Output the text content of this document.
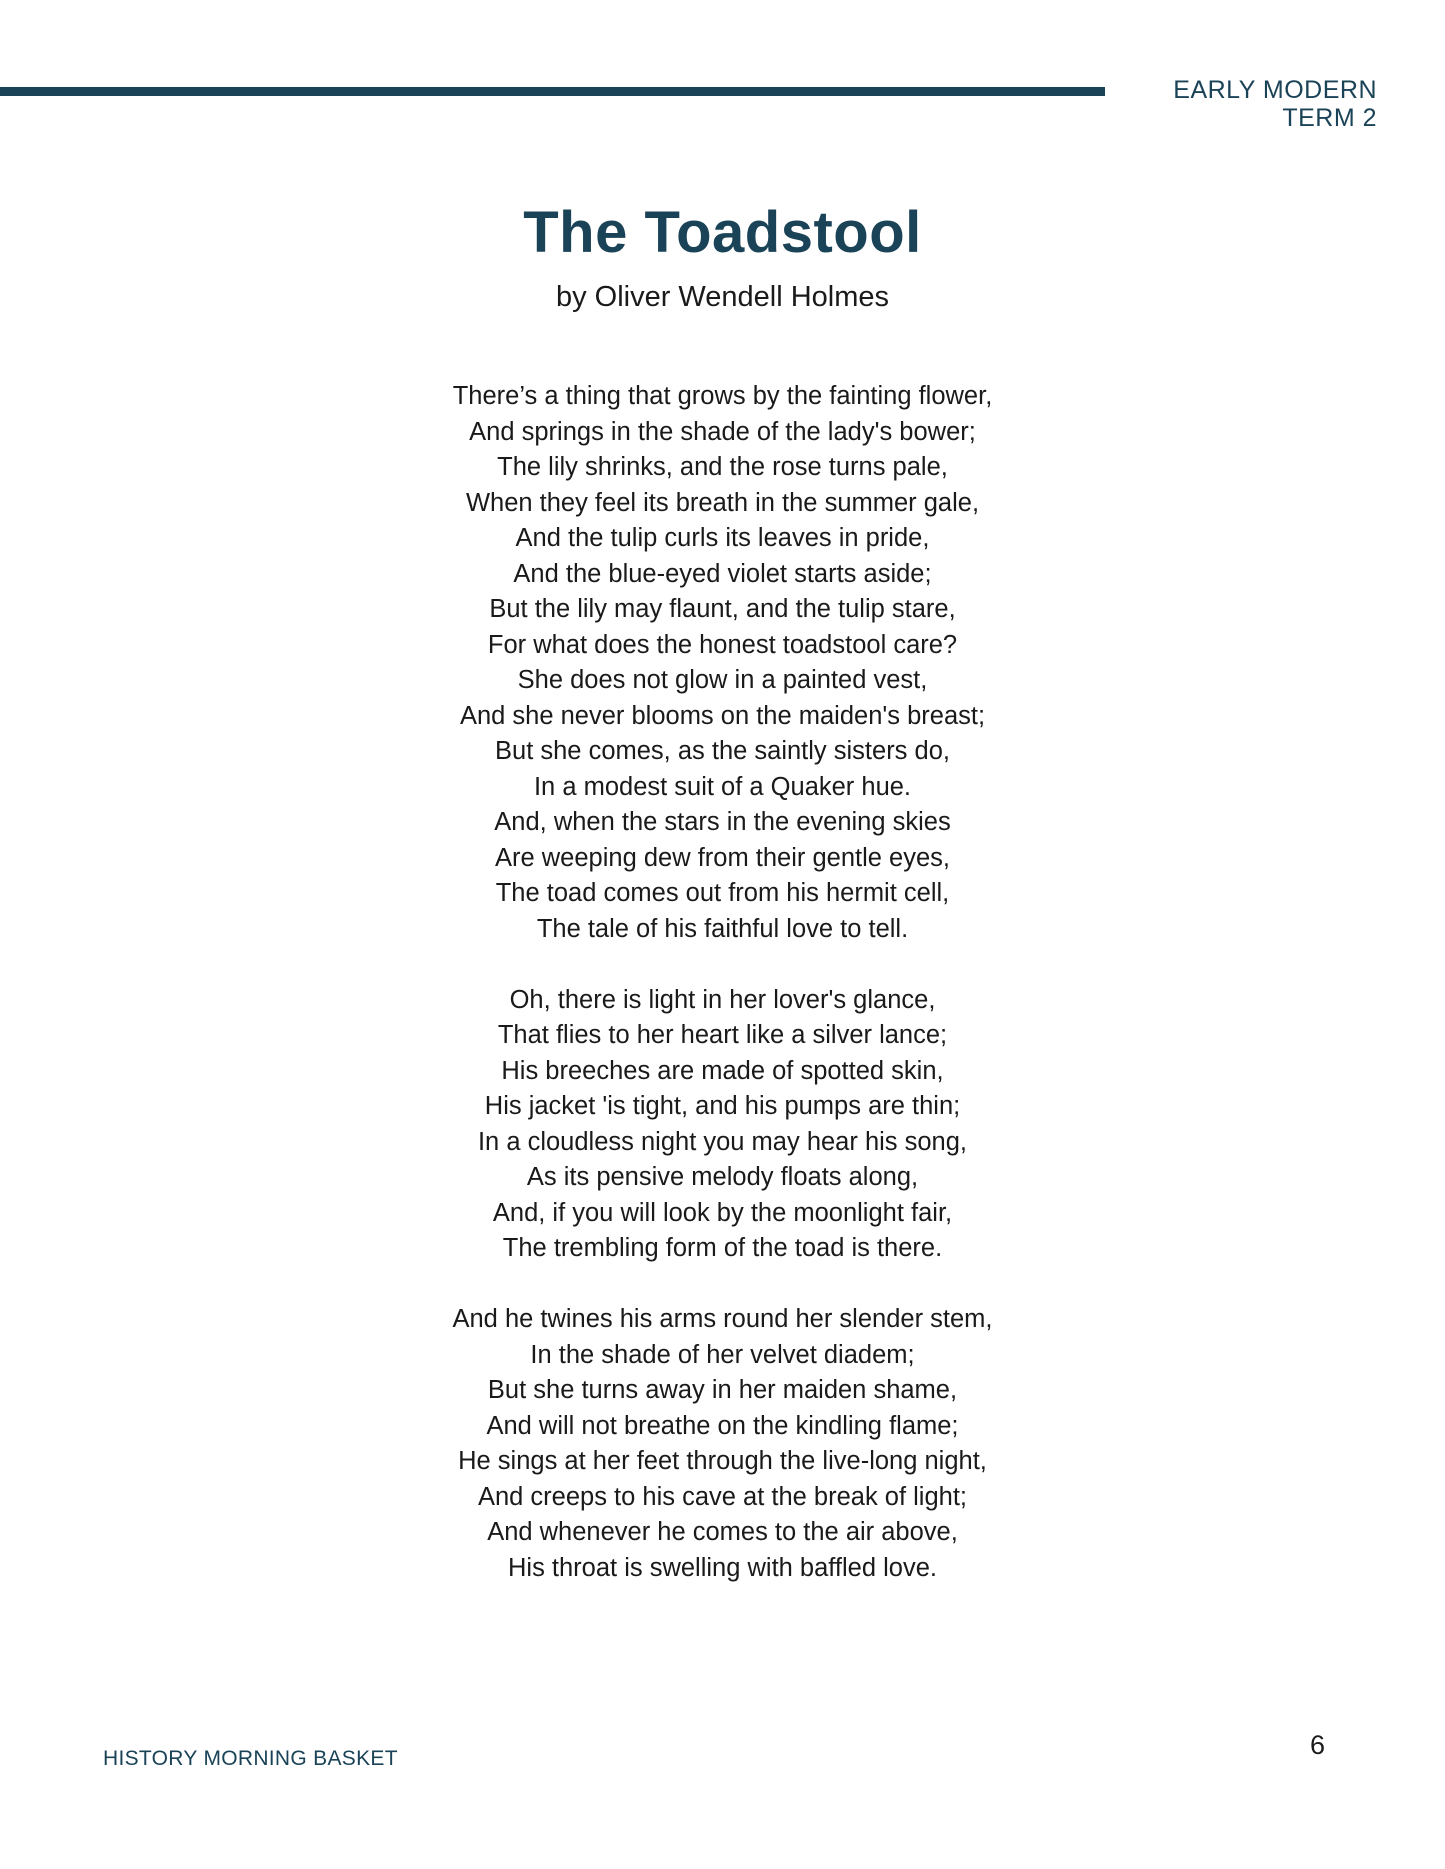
EARLY MODERN
TERM 2
The Toadstool

by Oliver Wendell Holmes

There’s a thing that grows by the fainting flower,
And springs in the shade of the lady's bower;
The lily shrinks, and the rose turns pale,
When they feel its breath in the summer gale,
And the tulip curls its leaves in pride,
And the blue-eyed violet starts aside;
But the lily may flaunt, and the tulip stare,
For what does the honest toadstool care?
She does not glow in a painted vest,
And she never blooms on the maiden's breast;
But she comes, as the saintly sisters do,
In a modest suit of a Quaker hue.
And, when the stars in the evening skies
Are weeping dew from their gentle eyes,
The toad comes out from his hermit cell,
The tale of his faithful love to tell.
Oh, there is light in her lover's glance,
That flies to her heart like a silver lance;
His breeches are made of spotted skin,
His jacket 'is tight, and his pumps are thin;
In a cloudless night you may hear his song,
As its pensive melody floats along,
And, if you will look by the moonlight fair,
The trembling form of the toad is there.
And he twines his arms round her slender stem,
In the shade of her velvet diadem;
But she turns away in her maiden shame,
And will not breathe on the kindling flame;
He sings at her feet through the live-long night,
And creeps to his cave at the break of light;
And whenever he comes to the air above,
His throat is swelling with baffled love.
HISTORY MORNING BASKET	6
